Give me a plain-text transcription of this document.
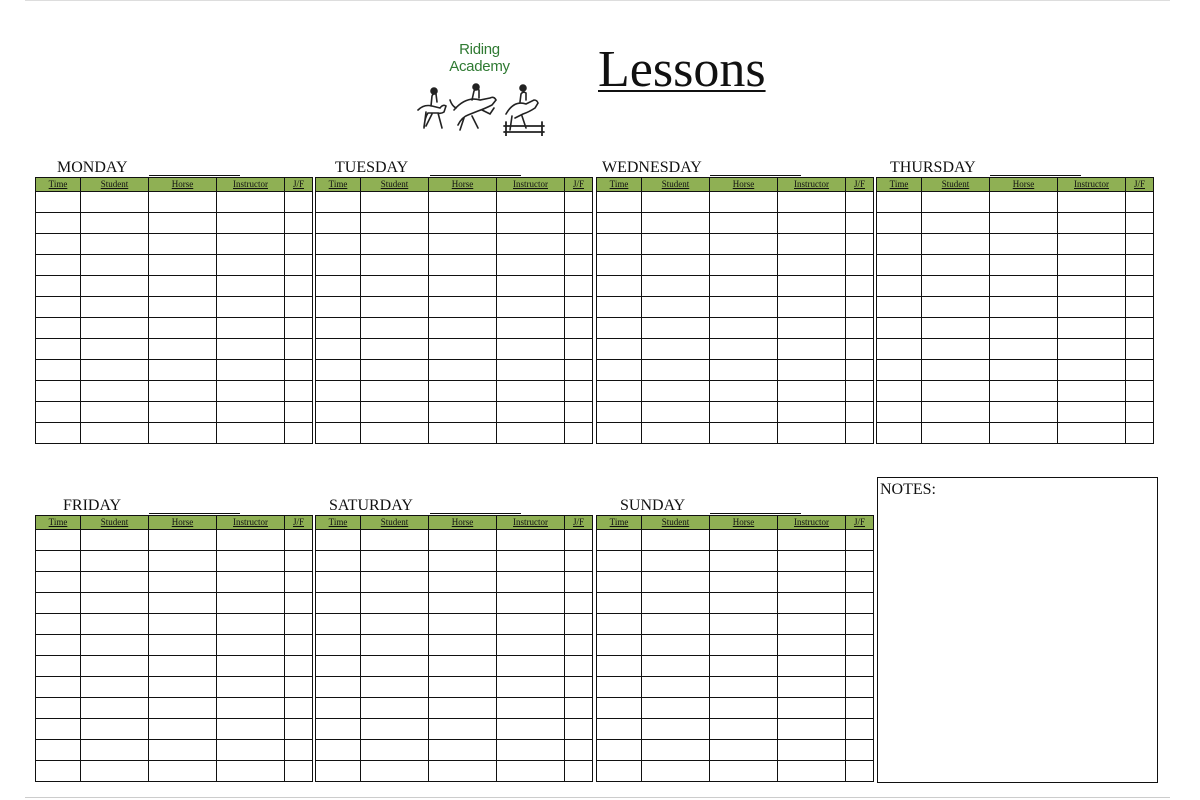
Riding
Academy	Lessons
MONDAY
Time	Student	Horse	Instructor	J/F

TUESDAY
Time	Student	Horse	Instructor	J/F

WEDNESDAY
Time	Student	Horse	Instructor	J/F

THURSDAY
Time	Student	Horse	Instructor	J/F

FRIDAY
Time	Student	Horse	Instructor	J/F

SATURDAY
Time	Student	Horse	Instructor	J/F

SUNDAY
Time	Student	Horse	Instructor	J/F

NOTES:
